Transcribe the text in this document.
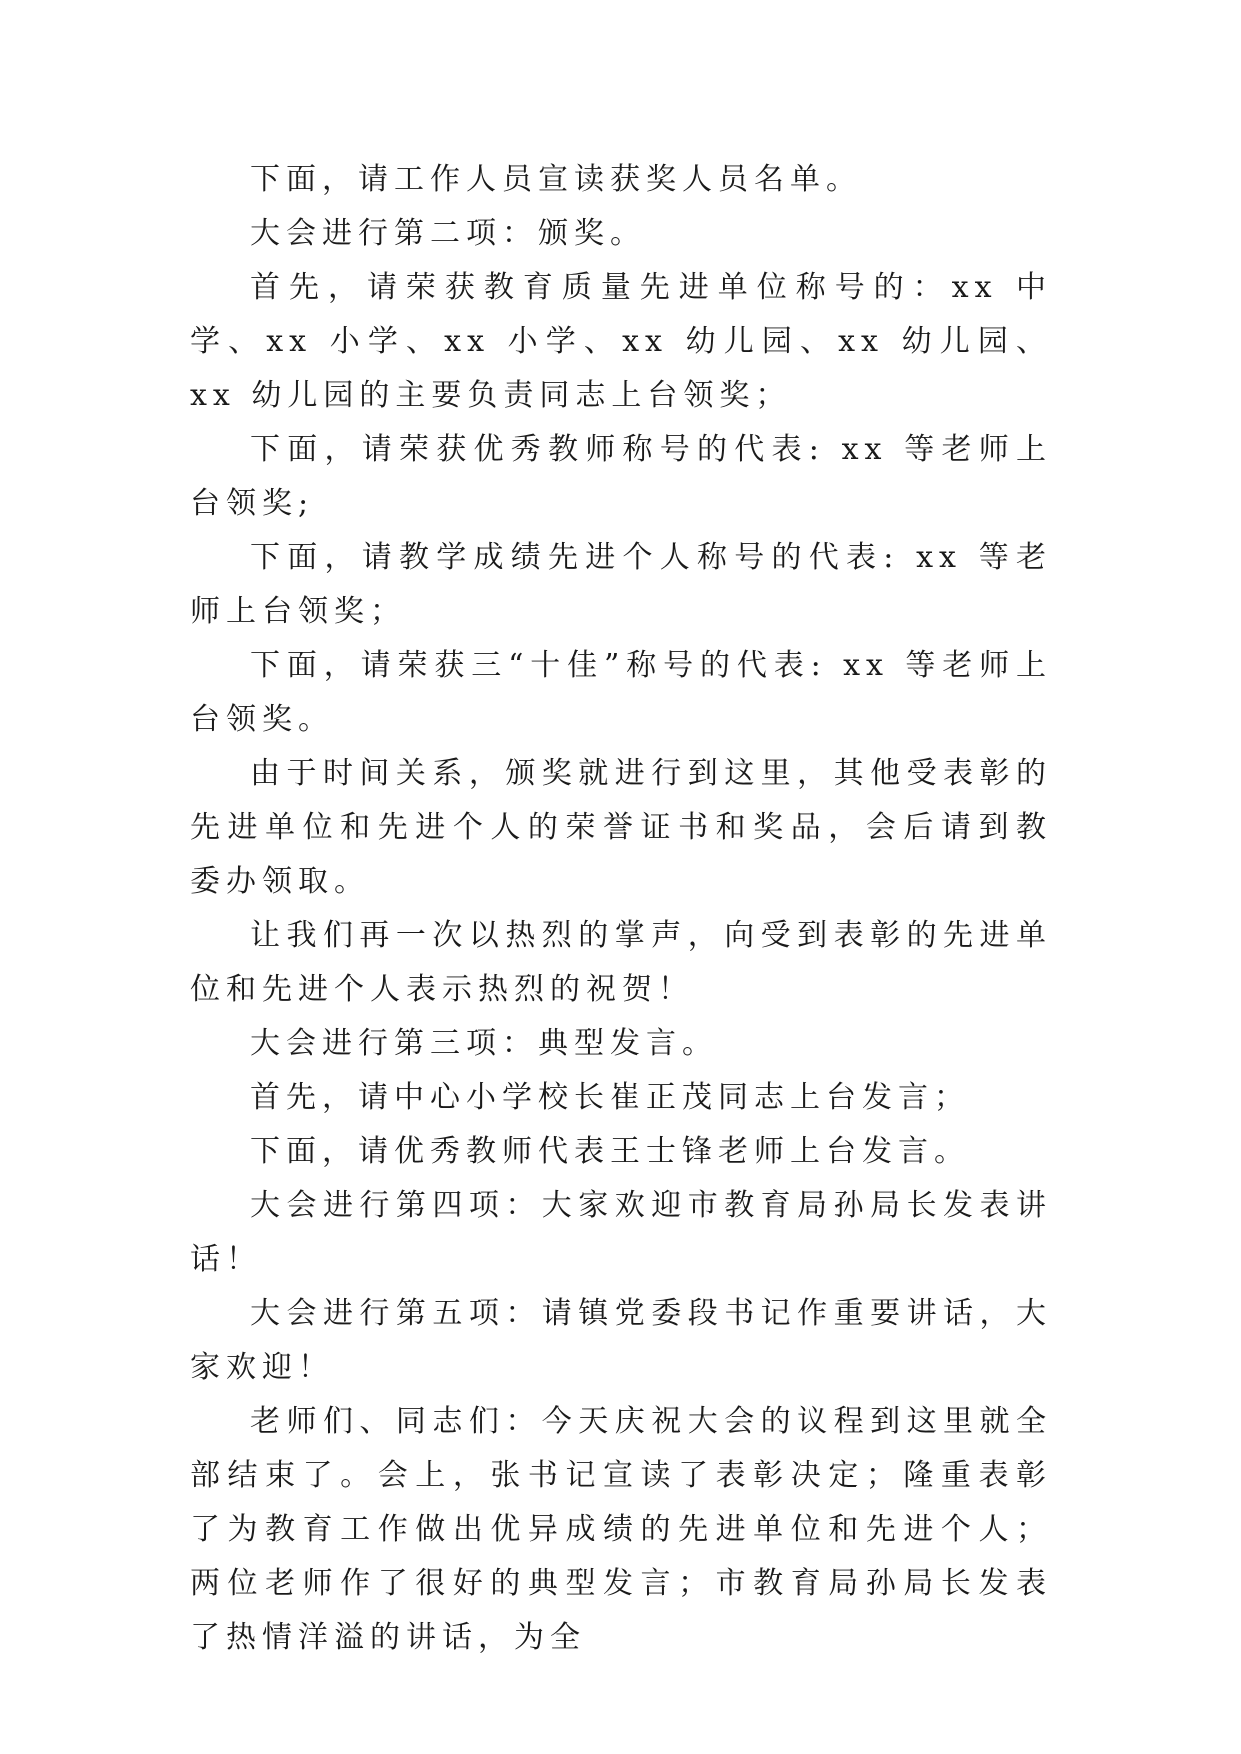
下面，请工作人员宣读获奖人员名单。

大会进行第二项：颁奖。

首先，请荣获教育质量先进单位称号的：xx 中学、xx 小学、xx 小学、xx 幼儿园、xx 幼儿园、xx 幼儿园的主要负责同志上台领奖；

下面，请荣获优秀教师称号的代表: xx 等老师上台领奖;

下面，请教学成绩先进个人称号的代表: xx 等老师上台领奖；

下面，请荣获三“十佳”称号的代表: xx 等老师上台领奖。

由于时间关系，颁奖就进行到这里，其他受表彰的先进单位和先进个人的荣誉证书和奖品，会后请到教委办领取。

让我们再一次以热烈的掌声，向受到表彰的先进单位和先进个人表示热烈的祝贺！

大会进行第三项：典型发言。

首先，请中心小学校长崔正茂同志上台发言；

下面，请优秀教师代表王士锋老师上台发言。

大会进行第四项：大家欢迎市教育局孙局长发表讲话！

大会进行第五项：请镇党委段书记作重要讲话，大家欢迎！

老师们、同志们：今天庆祝大会的议程到这里就全部结束了。会上，张书记宣读了表彰决定；隆重表彰了为教育工作做出优异成绩的先进单位和先进个人；两位老师作了很好的典型发言；市教育局孙局长发表了热情洋溢的讲话，为全
